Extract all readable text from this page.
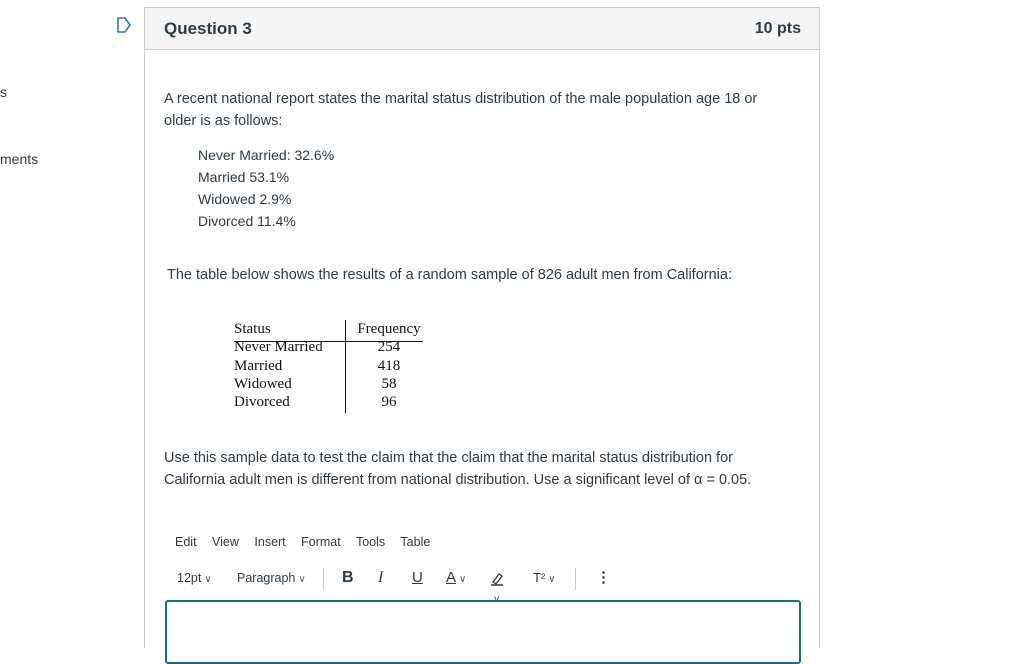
s
ments
Question 3	10 pts
A recent national report states the marital status distribution of the male population age 18 or
older is as follows:
Never Married: 32.6%
Married 53.1%
Widowed 2.9%
Divorced 11.4%
The table below shows the results of a random sample of 826 adult men from California:
Status
Never Married
Married
Widowed
Divorced
Frequency
254
418
58
96
Use this sample data to test the claim that the claim that the marital status distribution for
California adult men is different from national distribution. Use a significant level of α = 0.05.
Edit View Insert Format Tools Table
12pt ∨ Paragraph ∨ B I U A ∨
∨
T² ∨	⋮
